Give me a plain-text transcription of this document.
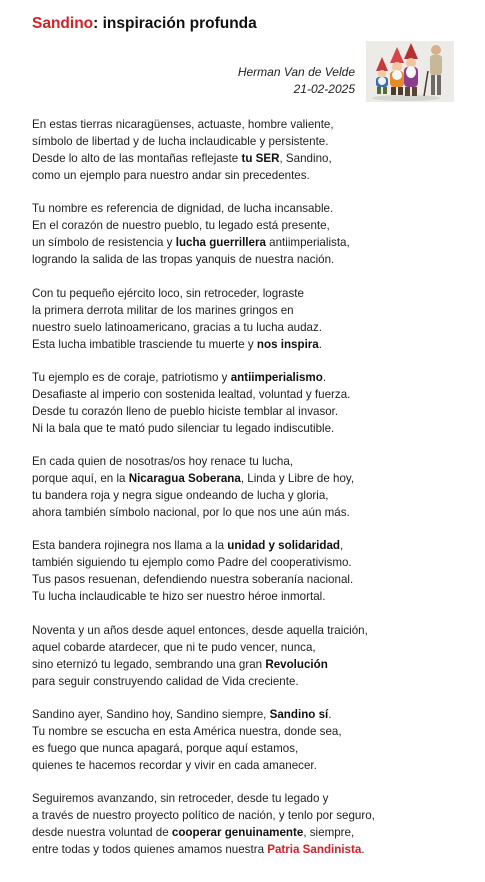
Sandino: inspiración profunda
Herman Van de Velde
21-02-2025
En estas tierras nicaragüenses, actuaste, hombre valiente,
símbolo de libertad y de lucha inclaudicable y persistente.
Desde lo alto de las montañas reflejaste tu SER, Sandino,
como un ejemplo para nuestro andar sin precedentes.
Tu nombre es referencia de dignidad, de lucha incansable.
En el corazón de nuestro pueblo, tu legado está presente,
un símbolo de resistencia y lucha guerrillera antiimperialista,
logrando la salida de las tropas yanquis de nuestra nación.
Con tu pequeño ejército loco, sin retroceder, lograste
la primera derrota militar de los marines gringos en
nuestro suelo latinoamericano, gracias a tu lucha audaz.
Esta lucha imbatible trasciende tu muerte y nos inspira.
Tu ejemplo es de coraje, patriotismo y antiimperialismo.
Desafiaste al imperio con sostenida lealtad, voluntad y fuerza.
Desde tu corazón lleno de pueblo hiciste temblar al invasor.
Ni la bala que te mató pudo silenciar tu legado indiscutible.
En cada quien de nosotras/os hoy renace tu lucha,
porque aquí, en la Nicaragua Soberana, Linda y Libre de hoy,
tu bandera roja y negra sigue ondeando de lucha y gloria,
ahora también símbolo nacional, por lo que nos une aún más.
Esta bandera rojinegra nos llama a la unidad y solidaridad,
también siguiendo tu ejemplo como Padre del cooperativismo.
Tus pasos resuenan, defendiendo nuestra soberanía nacional.
Tu lucha inclaudicable te hizo ser nuestro héroe inmortal.
Noventa y un años desde aquel entonces, desde aquella traición,
aquel cobarde atardecer, que ni te pudo vencer, nunca,
sino eternizó tu legado, sembrando una gran Revolución
para seguir construyendo calidad de Vida creciente.
Sandino ayer, Sandino hoy, Sandino siempre, Sandino sí.
Tu nombre se escucha en esta América nuestra, donde sea,
es fuego que nunca apagará, porque aquí estamos,
quienes te hacemos recordar y vivir en cada amanecer.
Seguiremos avanzando, sin retroceder, desde tu legado y
a través de nuestro proyecto político de nación, y tenlo por seguro,
desde nuestra voluntad de cooperar genuinamente, siempre,
entre todas y todos quienes amamos nuestra Patria Sandinista.
